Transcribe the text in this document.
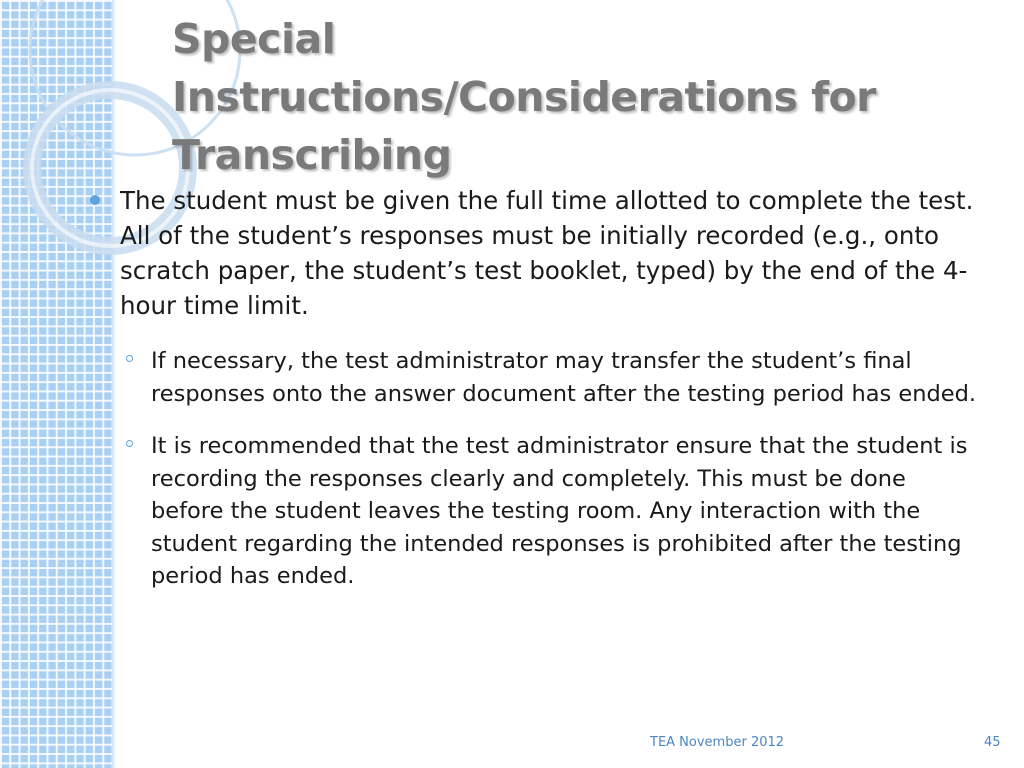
Special Instructions/Considerations for Transcribing

The student must be given the full time allotted to complete the test. All of the student’s responses must be initially recorded (e.g., onto scratch paper, the student’s test booklet, typed) by the end of the 4-hour time limit.

If necessary, the test administrator may transfer the student’s final responses onto the answer document after the testing period has ended.

It is recommended that the test administrator ensure that the student is recording the responses clearly and completely. This must be done before the student leaves the testing room. Any interaction with the student regarding the intended responses is prohibited after the testing period has ended.

TEA November 2012	45
